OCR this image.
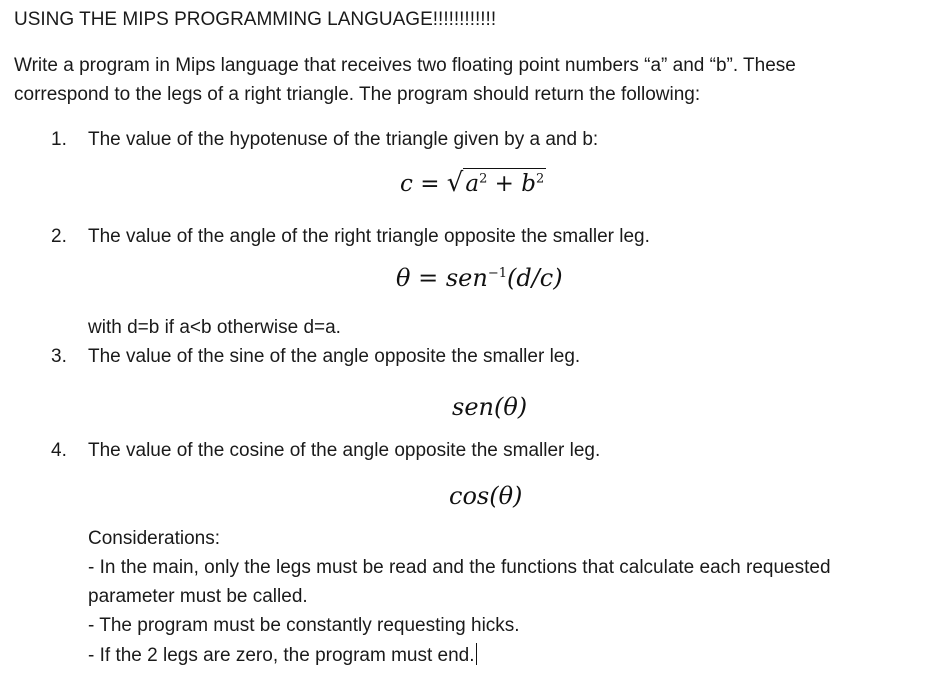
USING THE MIPS PROGRAMMING LANGUAGE!!!!!!!!!!!!
Write a program in Mips language that receives two floating point numbers “a” and “b”. These
correspond to the legs of a right triangle. The program should return the following:
1. The value of the hypotenuse of the triangle given by a and b:
$c = √a^2 + b^2$
2. The value of the angle of the right triangle opposite the smaller leg.
θ = sen$^{-1}$(d/c)
with d=b if a<b otherwise d=a.
3. The value of the sine of the angle opposite the smaller leg.
sen(θ)
4. The value of the cosine of the angle opposite the smaller leg.
cos(θ)
Considerations:
- In the main, only the legs must be read and the functions that calculate each requested
parameter must be called.
- The program must be constantly requesting hicks.
- If the 2 legs are zero, the program must end.
